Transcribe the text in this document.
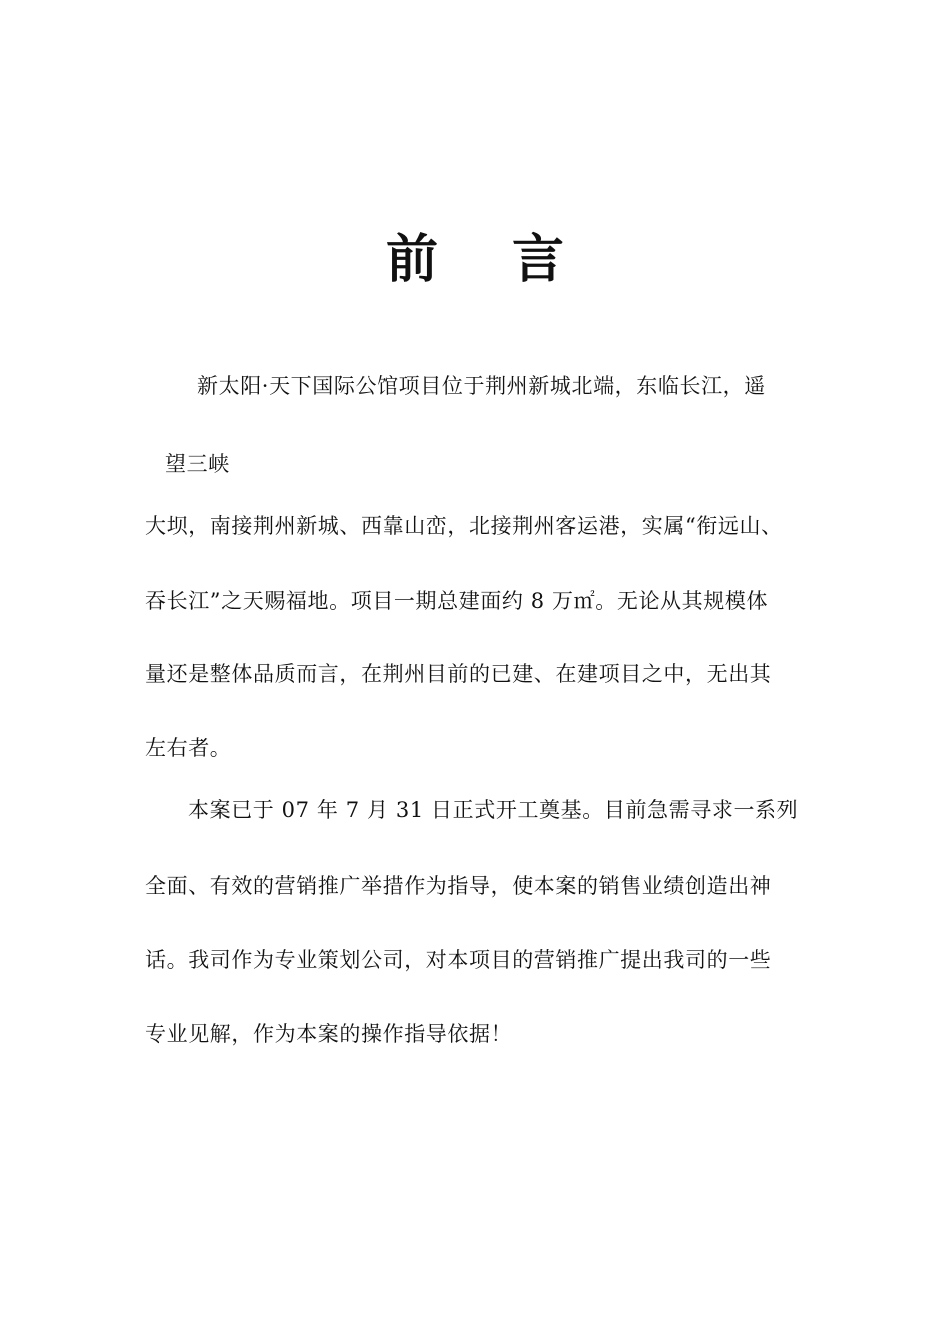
前 言
新太阳·天下国际公馆项目位于荆州新城北端，东临长江，遥
望三峡
大坝，南接荆州新城、西靠山峦，北接荆州客运港，实属“衔远山、
吞长江”之天赐福地。项目一期总建面约 8 万㎡。无论从其规模体
量还是整体品质而言，在荆州目前的已建、在建项目之中，无出其
左右者。
本案已于 07 年 7 月 31 日正式开工奠基。目前急需寻求一系列
全面、有效的营销推广举措作为指导，使本案的销售业绩创造出神
话。我司作为专业策划公司，对本项目的营销推广提出我司的一些
专业见解，作为本案的操作指导依据！
